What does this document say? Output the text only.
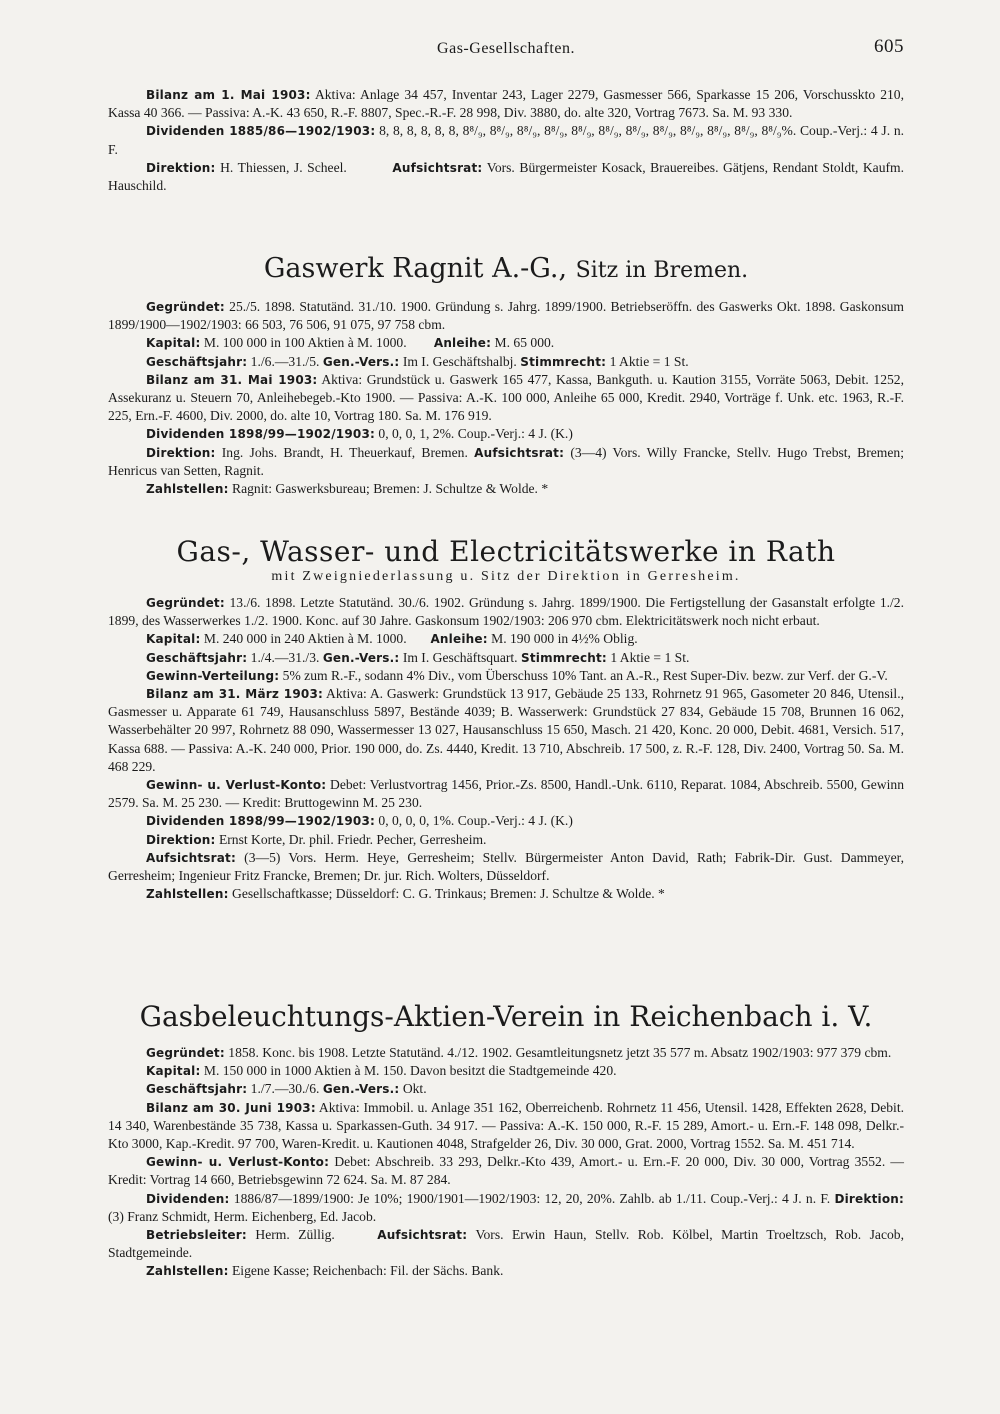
Gas-Gesellschaften.	605

Bilanz am 1. Mai 1903: Aktiva: Anlage 34 457, Inventar 243, Lager 2279, Gasmesser 566, Sparkasse 15 206, Vorschusskto 210, Kassa 40 366. — Passiva: A.-K. 43 650, R.-F. 8807, Spec.-R.-F. 28 998, Div. 3880, do. alte 320, Vortrag 7673. Sa. M. 93 330.

Dividenden 1885/86—1902/1903: 8, 8, 8, 8, 8, 8, 8⁸/₉, 8⁸/₉, 8⁸/₉, 8⁸/₉, 8⁸/₉, 8⁸/₉, 8⁸/₉, 8⁸/₉, 8⁸/₉, 8⁸/₉, 8⁸/₉, 8⁸/₉%. Coup.-Verj.: 4 J. n. F.

Direktion: H. Thiessen, J. Scheel.	Aufsichtsrat: Vors. Bürgermeister Kosack, Brauereibes. Gätjens, Rendant Stoldt, Kaufm. Hauschild.

Gaswerk Ragnit A.-G., Sitz in Bremen.

Gegründet: 25./5. 1898. Statutänd. 31./10. 1900. Gründung s. Jahrg. 1899/1900. Betriebseröffn. des Gaswerks Okt. 1898. Gaskonsum 1899/1900—1902/1903: 66 503, 76 506, 91 075, 97 758 cbm.

Kapital: M. 100 000 in 100 Aktien à M. 1000. Anleihe: M. 65 000.

Geschäftsjahr: 1./6.—31./5. Gen.-Vers.: Im I. Geschäftshalbj. Stimmrecht: 1 Aktie = 1 St.

Bilanz am 31. Mai 1903: Aktiva: Grundstück u. Gaswerk 165 477, Kassa, Bankguth. u. Kaution 3155, Vorräte 5063, Debit. 1252, Assekuranz u. Steuern 70, Anleihebegeb.-Kto 1900. — Passiva: A.-K. 100 000, Anleihe 65 000, Kredit. 2940, Vorträge f. Unk. etc. 1963, R.-F. 225, Ern.-F. 4600, Div. 2000, do. alte 10, Vortrag 180. Sa. M. 176 919.

Dividenden 1898/99—1902/1903: 0, 0, 0, 1, 2%. Coup.-Verj.: 4 J. (K.)

Direktion: Ing. Johs. Brandt, H. Theuerkauf, Bremen. Aufsichtsrat: (3—4) Vors. Willy Francke, Stellv. Hugo Trebst, Bremen; Henricus van Setten, Ragnit.

Zahlstellen: Ragnit: Gaswerksbureau; Bremen: J. Schultze & Wolde. *

Gas-, Wasser- und Electricitätswerke in Rath
mit Zweigniederlassung u. Sitz der Direktion in Gerresheim.

Gegründet: 13./6. 1898. Letzte Statutänd. 30./6. 1902. Gründung s. Jahrg. 1899/1900. Die Fertigstellung der Gasanstalt erfolgte 1./2. 1899, des Wasserwerkes 1./2. 1900. Konc. auf 30 Jahre. Gaskonsum 1902/1903: 206 970 cbm. Elektricitätswerk noch nicht erbaut.

Kapital: M. 240 000 in 240 Aktien à M. 1000. Anleihe: M. 190 000 in 4½% Oblig.

Geschäftsjahr: 1./4.—31./3. Gen.-Vers.: Im I. Geschäftsquart. Stimmrecht: 1 Aktie = 1 St.

Gewinn-Verteilung: 5% zum R.-F., sodann 4% Div., vom Überschuss 10% Tant. an A.-R., Rest Super-Div. bezw. zur Verf. der G.-V.

Bilanz am 31. März 1903: Aktiva: A. Gaswerk: Grundstück 13 917, Gebäude 25 133, Rohrnetz 91 965, Gasometer 20 846, Utensil., Gasmesser u. Apparate 61 749, Hausanschluss 5897, Bestände 4039; B. Wasserwerk: Grundstück 27 834, Gebäude 15 708, Brunnen 16 062, Wasserbehälter 20 997, Rohrnetz 88 090, Wassermesser 13 027, Hausanschluss 15 650, Masch. 21 420, Konc. 20 000, Debit. 4681, Versich. 517, Kassa 688. — Passiva: A.-K. 240 000, Prior. 190 000, do. Zs. 4440, Kredit. 13 710, Abschreib. 17 500, z. R.-F. 128, Div. 2400, Vortrag 50. Sa. M. 468 229.

Gewinn- u. Verlust-Konto: Debet: Verlustvortrag 1456, Prior.-Zs. 8500, Handl.-Unk. 6110, Reparat. 1084, Abschreib. 5500, Gewinn 2579. Sa. M. 25 230. — Kredit: Bruttogewinn M. 25 230.

Dividenden 1898/99—1902/1903: 0, 0, 0, 0, 1%. Coup.-Verj.: 4 J. (K.)

Direktion: Ernst Korte, Dr. phil. Friedr. Pecher, Gerresheim.

Aufsichtsrat: (3—5) Vors. Herm. Heye, Gerresheim; Stellv. Bürgermeister Anton David, Rath; Fabrik-Dir. Gust. Dammeyer, Gerresheim; Ingenieur Fritz Francke, Bremen; Dr. jur. Rich. Wolters, Düsseldorf.

Zahlstellen: Gesellschaftkasse; Düsseldorf: C. G. Trinkaus; Bremen: J. Schultze & Wolde. *

Gasbeleuchtungs-Aktien-Verein in Reichenbach i. V.

Gegründet: 1858. Konc. bis 1908. Letzte Statutänd. 4./12. 1902. Gesamtleitungsnetz jetzt 35 577 m. Absatz 1902/1903: 977 379 cbm.

Kapital: M. 150 000 in 1000 Aktien à M. 150. Davon besitzt die Stadtgemeinde 420.

Geschäftsjahr: 1./7.—30./6. Gen.-Vers.: Okt.

Bilanz am 30. Juni 1903: Aktiva: Immobil. u. Anlage 351 162, Oberreichenb. Rohrnetz 11 456, Utensil. 1428, Effekten 2628, Debit. 14 340, Warenbestände 35 738, Kassa u. Sparkassen-Guth. 34 917. — Passiva: A.-K. 150 000, R.-F. 15 289, Amort.- u. Ern.-F. 148 098, Delkr.-Kto 3000, Kap.-Kredit. 97 700, Waren-Kredit. u. Kautionen 4048, Strafgelder 26, Div. 30 000, Grat. 2000, Vortrag 1552. Sa. M. 451 714.

Gewinn- u. Verlust-Konto: Debet: Abschreib. 33 293, Delkr.-Kto 439, Amort.- u. Ern.-F. 20 000, Div. 30 000, Vortrag 3552. — Kredit: Vortrag 14 660, Betriebsgewinn 72 624. Sa. M. 87 284.

Dividenden: 1886/87—1899/1900: Je 10%; 1900/1901—1902/1903: 12, 20, 20%. Zahlb. ab 1./11. Coup.-Verj.: 4 J. n. F. Direktion: (3) Franz Schmidt, Herm. Eichenberg, Ed. Jacob.

Betriebsleiter: Herm. Züllig.	Aufsichtsrat: Vors. Erwin Haun, Stellv. Rob. Kölbel, Martin Troeltzsch, Rob. Jacob, Stadtgemeinde.

Zahlstellen: Eigene Kasse; Reichenbach: Fil. der Sächs. Bank.
